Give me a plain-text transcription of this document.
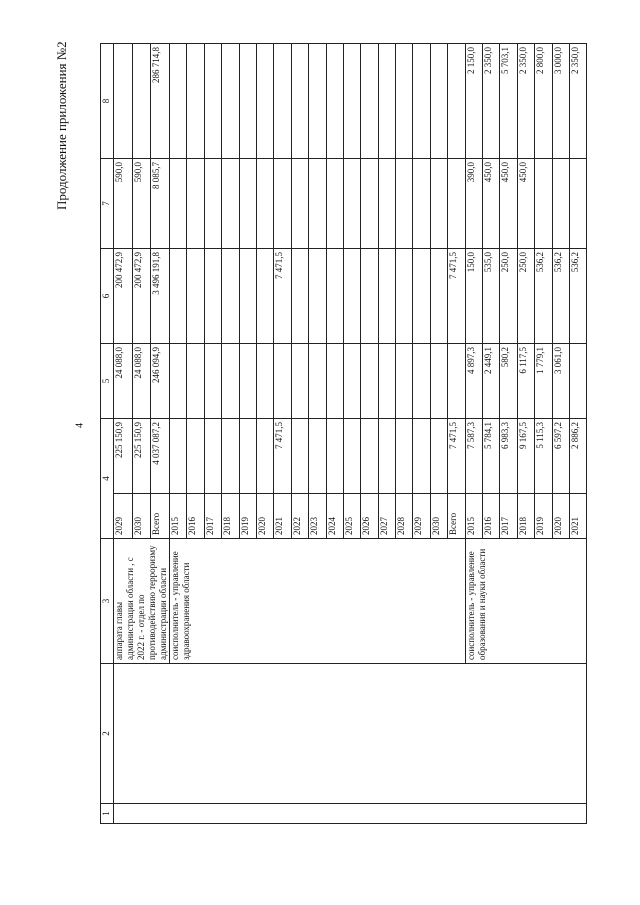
4
Продолжение приложения №2
1	2	3	4		5	6	7	8
		аппарата главы администрации области , с 2022 г. - отдел по противодействию терроризму администрации области	2029	225 150,9	24 088,0	200 472,9	590,0	
			2030	225 150,9	24 088,0	200 472,9	590,0	
			Всего	4 037 087,2	246 094,9	3 496 191,8	8 085,7	286 714,8
		соисполнитель - управление здравоохранения области	2015					
			2016					
			2017					
			2018					
			2019					
			2020					
			2021	7 471,5		7 471,5		
			2022					
			2023					
			2024					
			2025					
			2026					
			2027					
			2028					
			2029					
			2030					
			Всего	7 471,5		7 471,5		
		соисполнитель - управление образования и науки области	2015	7 587,3	4 897,3	150,0	390,0	2 150,0
			2016	5 784,1	2 449,1	535,0	450,0	2 350,0
			2017	6 983,3	580,2	250,0	450,0	5 703,1
			2018	9 167,5	6 117,5	250,0	450,0	2 350,0
			2019	5 115,3	1 779,1	536,2		2 800,0
			2020	6 597,2	3 061,0	536,2		3 000,0
			2021	2 886,2		536,2		2 350,0
